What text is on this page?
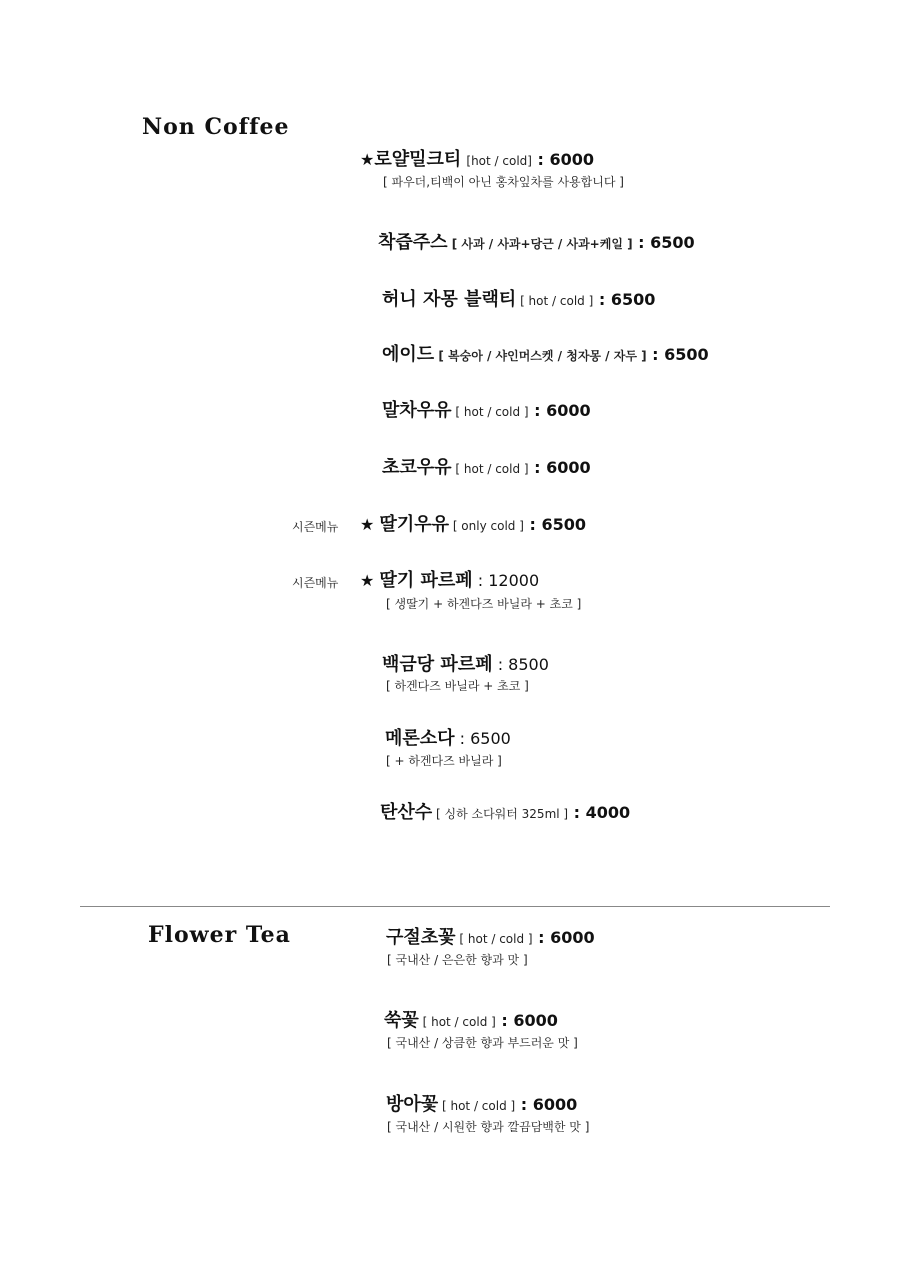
Non Coffee
★로얄밀크티 [hot / cold] : 6000
[ 파우더,티백이 아닌 홍차잎차를 사용합니다 ]
착즙주스 [ 사과 / 사과+당근 / 사과+케일 ] : 6500
허니 자몽 블랙티 [ hot / cold ] : 6500
에이드 [ 복숭아 / 샤인머스켓 / 청자몽 / 자두 ] : 6500
말차우유 [ hot / cold ] : 6000
초코우유 [ hot / cold ] : 6000
시즌메뉴 ★ 딸기우유 [ only cold ] : 6500
시즌메뉴 ★ 딸기 파르페 : 12000
[ 생딸기 + 하겐다즈 바닐라 + 초코 ]
백금당 파르페 : 8500
[ 하겐다즈 바닐라 + 초코 ]
메론소다 : 6500
[ + 하겐다즈 바닐라 ]
탄산수 [ 싱하 소다워터 325ml ] : 4000
Flower Tea	구절초꽃 [ hot / cold ] : 6000
[ 국내산 / 은은한 향과 맛 ]
쑥꽃 [ hot / cold ] : 6000
[ 국내산 / 상큼한 향과 부드러운 맛 ]
방아꽃 [ hot / cold ] : 6000
[ 국내산 / 시원한 향과 깔끔담백한 맛 ]
